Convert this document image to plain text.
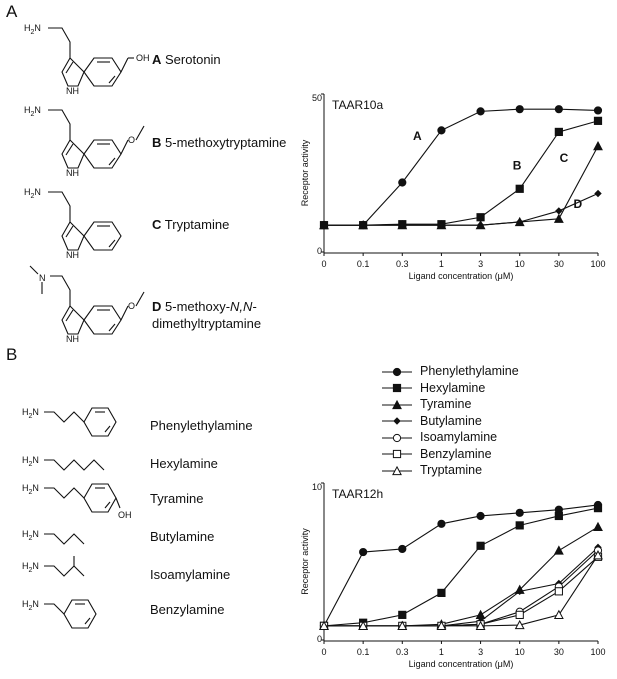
A
B
$H_2N$
OH
NH
A Serotonin
$H_2N$
O
NH
B 5-methoxytryptamine
$H_2N$
NH
C Tryptamine
N
O
NH
D 5-methoxy-N,N-
dimethyltryptamine
$H_2N$
Phenylethylamine
$H_2N$	Hexylamine
$H_2N$
OH
Tyramine
$H_2N$	Butylamine
$H_2N$
Isoamylamine
$H_2N$	Benzylamine
0	0.1	0.3	1	3	10	30	100
0
50
Ligand concentration (μM)
Receptor activity
TAAR10a
A
B
C
D
Phenylethylamine
Hexylamine
Tyramine
Butylamine
Isoamylamine
Benzylamine
Tryptamine
0	0.1	0.3	1	3	10	30	100
0
10
Ligand concentration (μM)
Receptor activity
TAAR12h
